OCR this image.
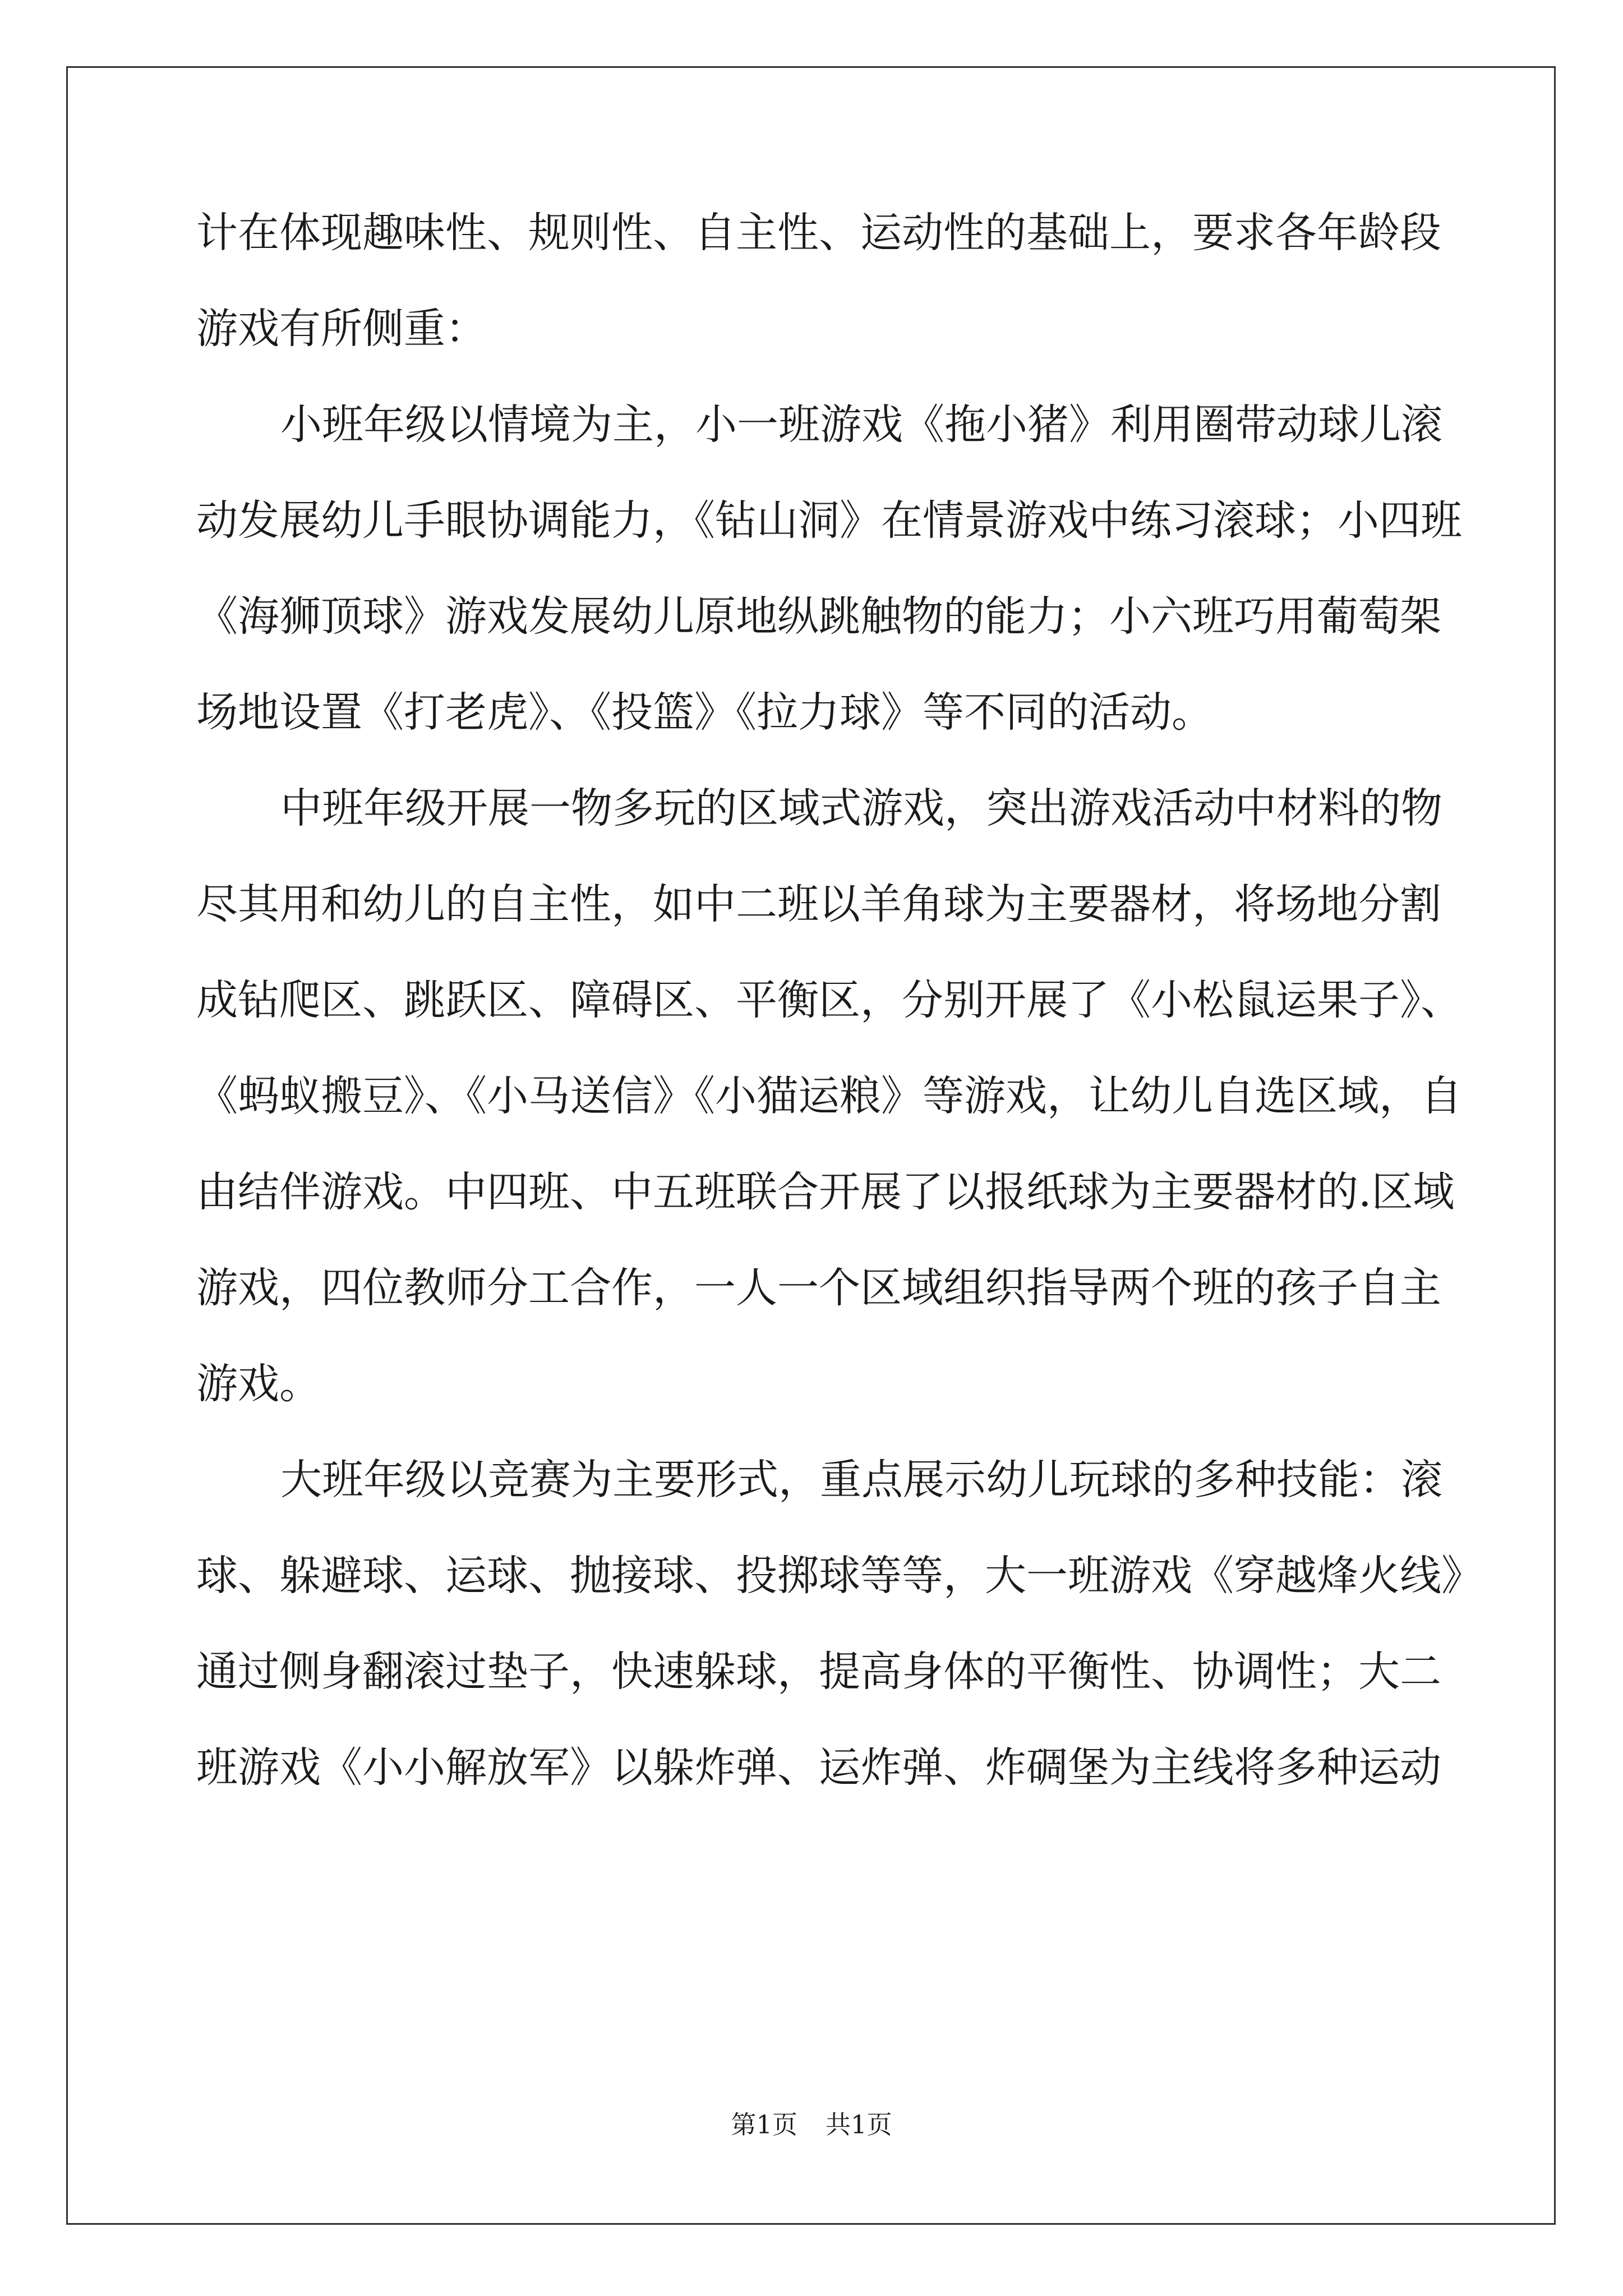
计在体现趣味性、规则性、自主性、运动性的基础上，要求各年龄段
游戏有所侧重：
小班年级以情境为主，小一班游戏《拖小猪》利用圈带动球儿滚
动发展幼儿手眼协调能力，《钻山洞》在情景游戏中练习滚球；小四班
《海狮顶球》游戏发展幼儿原地纵跳触物的能力；小六班巧用葡萄架
场地设置《打老虎》、《投篮》《拉力球》等不同的活动。
中班年级开展一物多玩的区域式游戏，突出游戏活动中材料的物
尽其用和幼儿的自主性，如中二班以羊角球为主要器材，将场地分割
成钻爬区、跳跃区、障碍区、平衡区，分别开展了《小松鼠运果子》、
《蚂蚁搬豆》、《小马送信》《小猫运粮》等游戏，让幼儿自选区域，自
由结伴游戏。中四班、中五班联合开展了以报纸球为主要器材的.区域
游戏，四位教师分工合作，一人一个区域组织指导两个班的孩子自主
游戏。
大班年级以竞赛为主要形式，重点展示幼儿玩球的多种技能：滚
球、躲避球、运球、抛接球、投掷球等等，大一班游戏《穿越烽火线》
通过侧身翻滚过垫子，快速躲球，提高身体的平衡性、协调性；大二
班游戏《小小解放军》以躲炸弹、运炸弹、炸碉堡为主线将多种运动
第1页 共1页
